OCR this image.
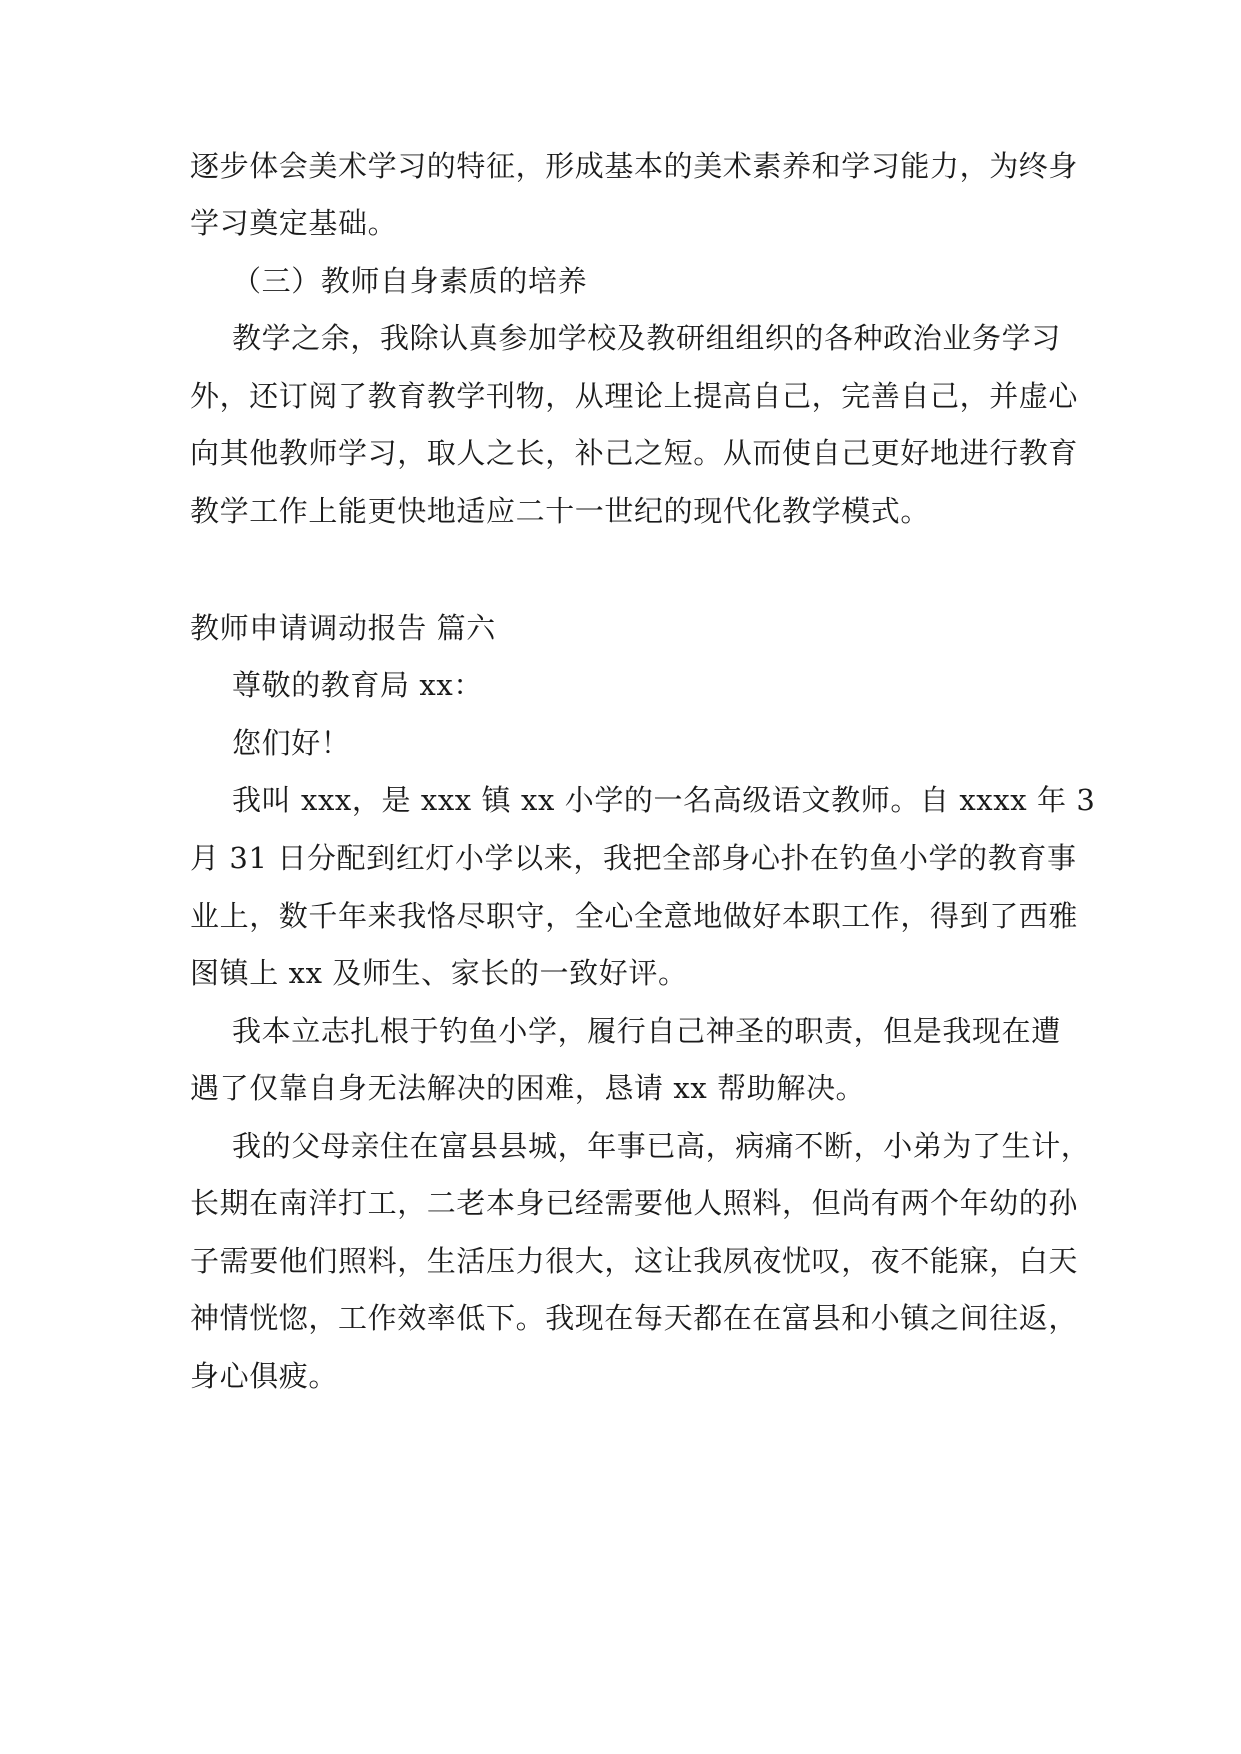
逐步体会美术学习的特征，形成基本的美术素养和学习能力，为终身
学习奠定基础。
（三）教师自身素质的培养
教学之余，我除认真参加学校及教研组组织的各种政治业务学习
外，还订阅了教育教学刊物，从理论上提高自己，完善自己，并虚心
向其他教师学习，取人之长，补己之短。从而使自己更好地进行教育
教学工作上能更快地适应二十一世纪的现代化教学模式。
教师申请调动报告 篇六
尊敬的教育局 xx：
您们好！
我叫 xxx，是 xxx 镇 xx 小学的一名高级语文教师。自 xxxx 年 3
月 31 日分配到红灯小学以来，我把全部身心扑在钓鱼小学的教育事
业上，数千年来我恪尽职守，全心全意地做好本职工作，得到了西雅
图镇上 xx 及师生、家长的一致好评。
我本立志扎根于钓鱼小学，履行自己神圣的职责，但是我现在遭
遇了仅靠自身无法解决的困难，恳请 xx 帮助解决。
我的父母亲住在富县县城，年事已高，病痛不断，小弟为了生计，
长期在南洋打工，二老本身已经需要他人照料，但尚有两个年幼的孙
子需要他们照料，生活压力很大，这让我夙夜忧叹，夜不能寐，白天
神情恍惚，工作效率低下。我现在每天都在在富县和小镇之间往返，
身心俱疲。
